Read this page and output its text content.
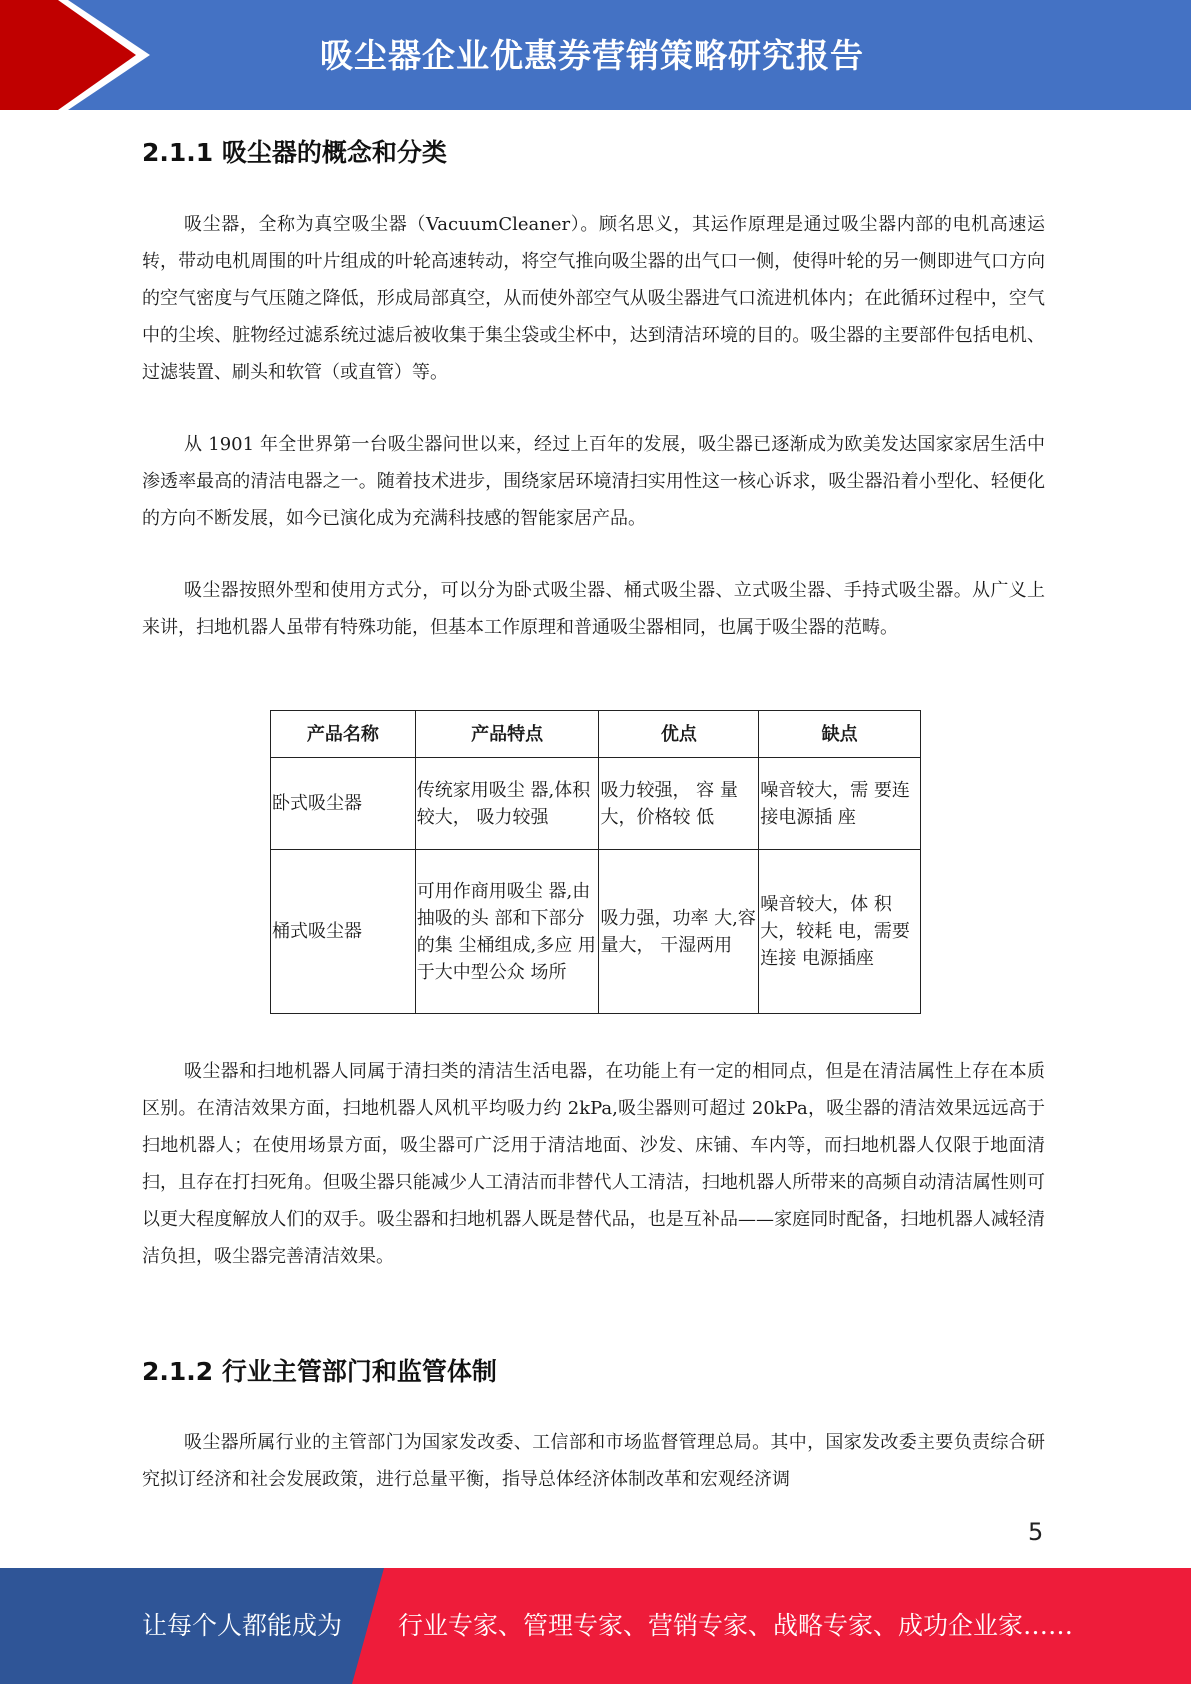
吸尘器企业优惠券营销策略研究报告
2.1.1 吸尘器的概念和分类

吸尘器，全称为真空吸尘器（VacuumCleaner）。顾名思义，其运作原理是通过吸尘器内部的电机高速运转，带动电机周围的叶片组成的叶轮高速转动，将空气推向吸尘器的出气口一侧，使得叶轮的另一侧即进气口方向的空气密度与气压随之降低，形成局部真空，从而使外部空气从吸尘器进气口流进机体内；在此循环过程中，空气中的尘埃、脏物经过滤系统过滤后被收集于集尘袋或尘杯中，达到清洁环境的目的。吸尘器的主要部件包括电机、过滤装置、刷头和软管（或直管）等。

从 1901 年全世界第一台吸尘器问世以来，经过上百年的发展，吸尘器已逐渐成为欧美发达国家家居生活中渗透率最高的清洁电器之一。随着技术进步，围绕家居环境清扫实用性这一核心诉求，吸尘器沿着小型化、轻便化的方向不断发展，如今已演化成为充满科技感的智能家居产品。

吸尘器按照外型和使用方式分，可以分为卧式吸尘器、桶式吸尘器、立式吸尘器、手持式吸尘器。从广义上来讲，扫地机器人虽带有特殊功能，但基本工作原理和普通吸尘器相同，也属于吸尘器的范畴。

产品名称	产品特点	优点	缺点
卧式吸尘器	传统家用吸尘 器,体积较大， 吸力较强	吸力较强， 容 量大，价格较 低	噪音较大，需 要连接电源插 座
桶式吸尘器	可用作商用吸尘 器,由抽吸的头 部和下部分的集 尘桶组成,多应 用于大中型公众 场所	吸力强，功率 大,容量大， 干湿两用	噪音较大，体 积大，较耗 电，需要连接 电源插座

吸尘器和扫地机器人同属于清扫类的清洁生活电器，在功能上有一定的相同点，但是在清洁属性上存在本质区别。在清洁效果方面，扫地机器人风机平均吸力约 2kPa,吸尘器则可超过 20kPa，吸尘器的清洁效果远远高于扫地机器人；在使用场景方面，吸尘器可广泛用于清洁地面、沙发、床铺、车内等，而扫地机器人仅限于地面清扫，且存在打扫死角。但吸尘器只能减少人工清洁而非替代人工清洁，扫地机器人所带来的高频自动清洁属性则可以更大程度解放人们的双手。吸尘器和扫地机器人既是替代品，也是互补品——家庭同时配备，扫地机器人减轻清洁负担，吸尘器完善清洁效果。

2.1.2 行业主管部门和监管体制

吸尘器所属行业的主管部门为国家发改委、工信部和市场监督管理总局。其中，国家发改委主要负责综合研究拟订经济和社会发展政策，进行总量平衡，指导总体经济体制改革和宏观经济调

5
让每个人都能成为 行业专家、管理专家、营销专家、战略专家、成功企业家……
